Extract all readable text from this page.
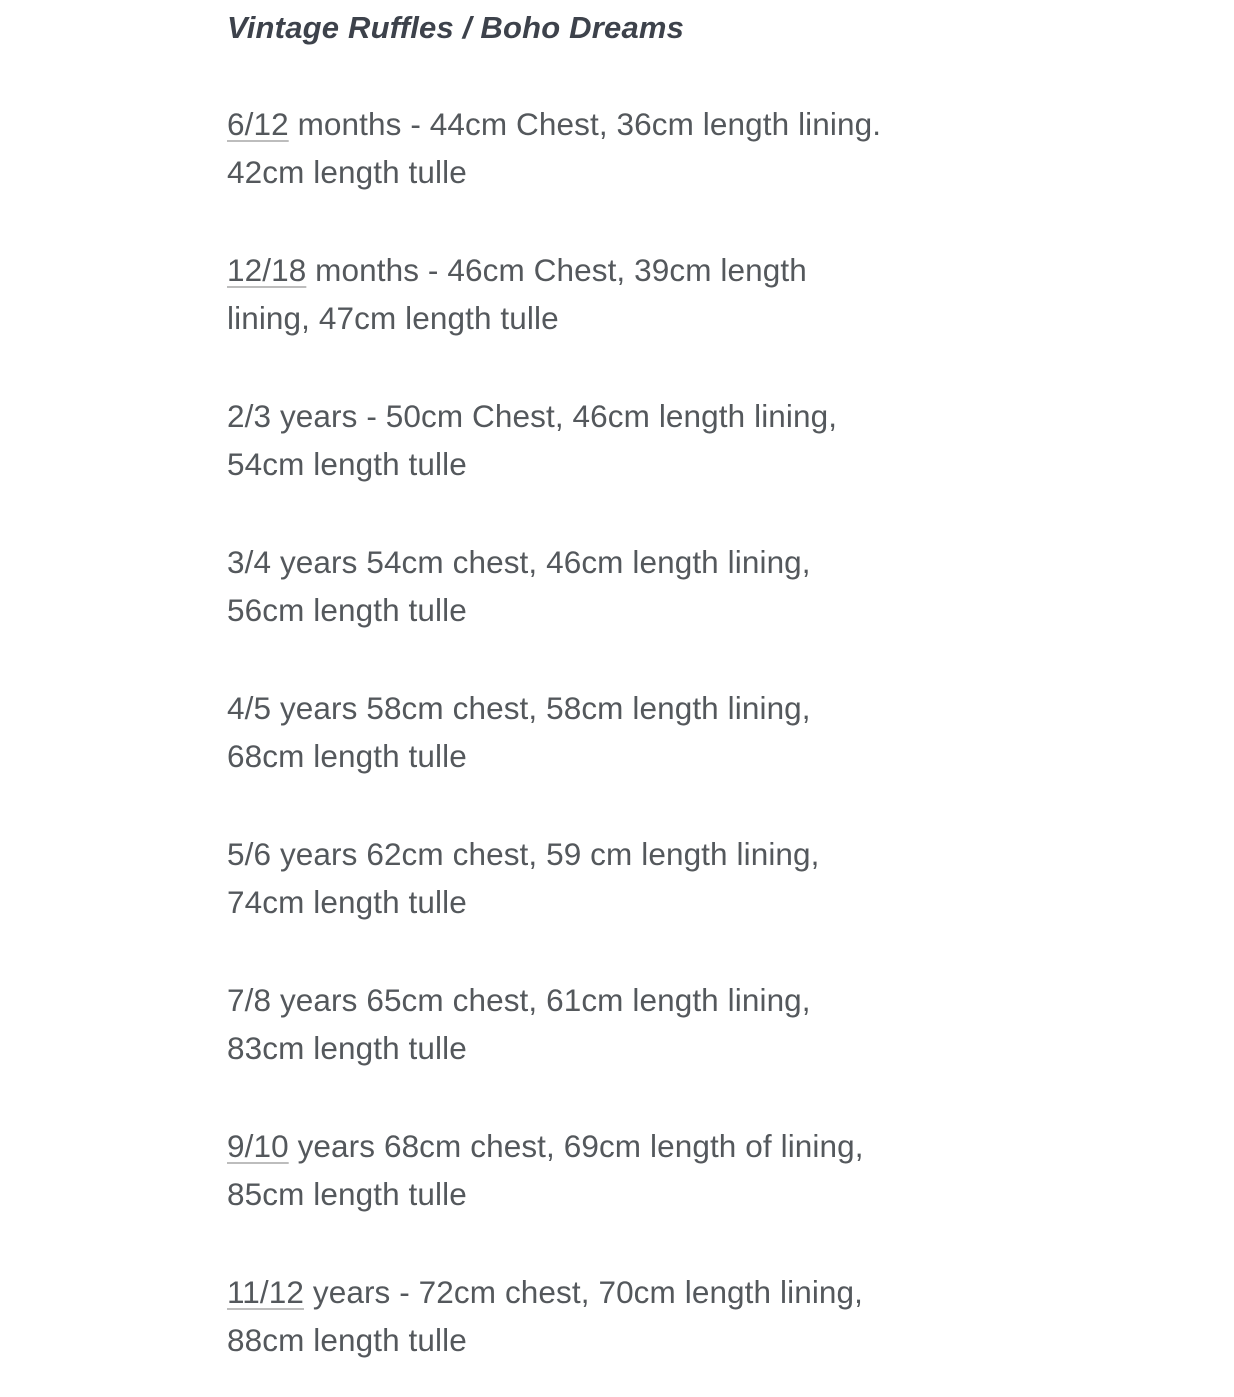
Vintage Ruffles / Boho Dreams

6/12 months - 44cm Chest, 36cm length lining.
42cm length tulle

12/18 months - 46cm Chest, 39cm length
lining, 47cm length tulle

2/3 years - 50cm Chest, 46cm length lining,
54cm length tulle

3/4 years 54cm chest, 46cm length lining,
56cm length tulle

4/5 years 58cm chest, 58cm length lining,
68cm length tulle

5/6 years 62cm chest, 59 cm length lining,
74cm length tulle

7/8 years 65cm chest, 61cm length lining,
83cm length tulle

9/10 years 68cm chest, 69cm length of lining,
85cm length tulle

11/12 years - 72cm chest, 70cm length lining,
88cm length tulle
